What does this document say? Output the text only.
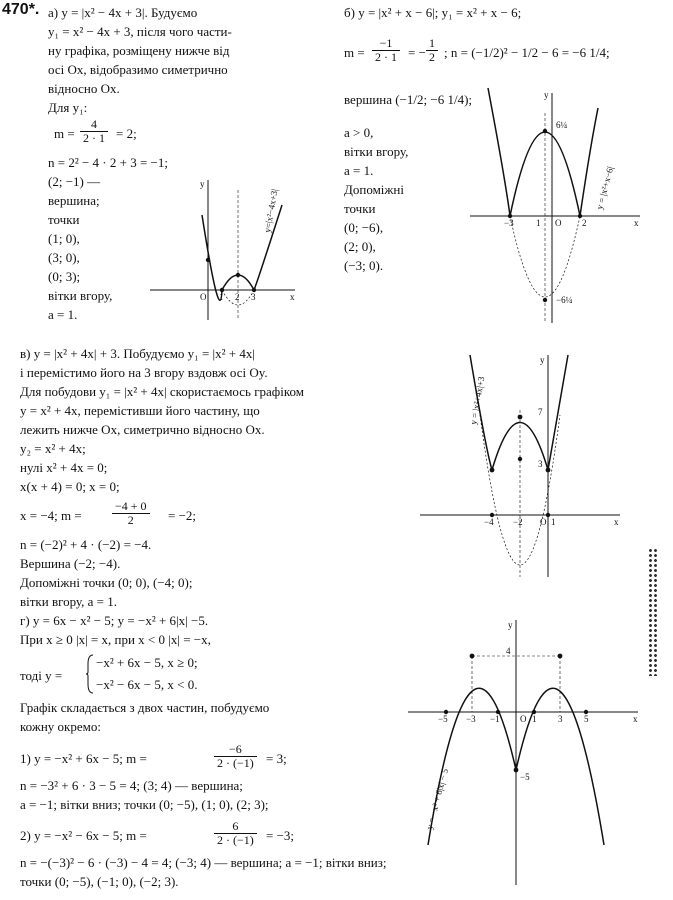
470*. а) y = |x² − 4x + 3|. Будуємо
y₁ = x² − 4x + 3, після чого части-
ну графіка, розміщену нижче від
осі Ox, відобразимо симетрично
відносно Ox.
Для y₁:
$m = \frac{4}{2 \cdot 1} = 2$;
n = 2² − 4 · 2 + 3 = −1;
(2; −1) —
вершина;
точки
(1; 0),
(3; 0),
(0; 3);
вітки вгору,
a = 1.
y
x
O 1 2 3
y=|x²−4x+3|
б) y = |x² + x − 6|; y₁ = x² + x − 6;
$m = \frac{-1}{2 \cdot 1}$ = − $\frac{1}{2}$ ; n = (−1/2)² − 1/2 − 6 = −6 1/4;
вершина (−1/2; −6 1/4);
a > 0,
вітки вгору,
a = 1.
Допоміжні
точки
(0; −6),
(2; 0),
(−3; 0).
y
x
O
1
−3	2
6¼
−6¼
y = |x²+x−6|
в) y = |x² + 4x| + 3. Побудуємо y₁ = |x² + 4x|
і перемістимо його на 3 вгору вздовж осі Oy.
Для побудови y₁ = |x² + 4x| скористаємось графіком
y = x² + 4x, перемістивши його частину, що
лежить нижче Ox, симетрично відносно Ox.
y₂ = x² + 4x;
нулі x² + 4x = 0;
x(x + 4) = 0; x = 0;
x = −4; m =	$\frac{-4 + 0}{2} = -2$;
n = (−2)² + 4 · (−2) = −4.
Вершина (−2; −4).
Допоміжні точки (0; 0), (−4; 0);
вітки вгору, a = 1.
y
x
O 1
−4 −2
7
3
y = |x²+4x|+3
г) y = 6x − x² − 5; y = −x² + 6|x| −5.
При x ≥ 0 |x| = x, при x < 0 |x| = −x,
тоді y =
−x² + 6x − 5, x ≥ 0;
−x² − 6x − 5, x < 0.
Графік складається з двох частин, побудуємо
кожну окремо:
1) y = −x² + 6x − 5; m =	$\frac{-6}{2 \cdot (-1)} = 3$;
n = −3² + 6 · 3 − 5 = 4; (3; 4) — вершина;
a = −1; вітки вниз; точки (0; −5), (1; 0), (2; 3);
2) y = −x² − 6x − 5; m =	$\frac{6}{2 \cdot (-1)} = -3$;
n = −(−3)² − 6 · (−3) − 4 = 4; (−3; 4) — вершина; a = −1; вітки вниз;
точки (0; −5), (−1; 0), (−2; 3).
y
x
O
4
−5 −3 −1	1 3 5
−5
y = −x² + 6|x| − 5
